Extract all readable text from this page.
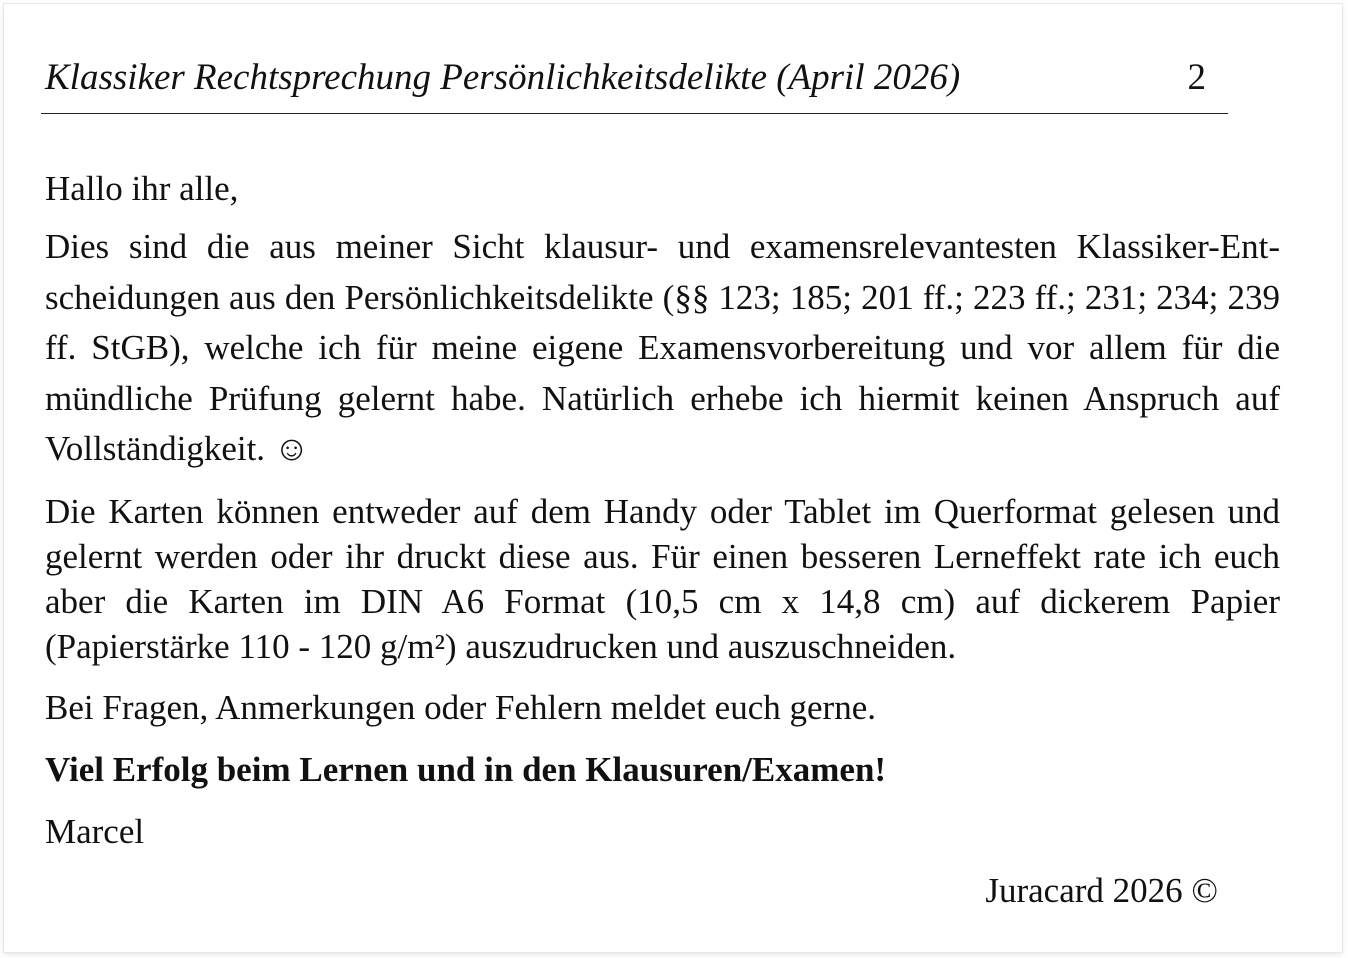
Klassiker Rechtsprechung Persönlichkeitsdelikte (April 2026)	2

Hallo ihr alle,

Dies sind die aus meiner Sicht klausur- und examensrelevantesten Klassiker-Entscheidungen aus den Persönlichkeitsdelikte (§§ 123; 185; 201 ff.; 223 ff.; 231; 234; 239 ff. StGB), welche ich für meine eigene Examensvorbereitung und vor allem für die mündliche Prüfung gelernt habe. Natürlich erhebe ich hiermit keinen Anspruch auf Vollständigkeit. ☺

Die Karten können entweder auf dem Handy oder Tablet im Querformat gelesen und gelernt werden oder ihr druckt diese aus. Für einen besseren Lerneffekt rate ich euch aber die Karten im DIN A6 Format (10,5 cm x 14,8 cm) auf dickerem Papier (Papierstärke 110 - 120 g/m²) auszudrucken und auszuschneiden.

Bei Fragen, Anmerkungen oder Fehlern meldet euch gerne.

Viel Erfolg beim Lernen und in den Klausuren/Examen!

Marcel

Juracard 2026 ©
